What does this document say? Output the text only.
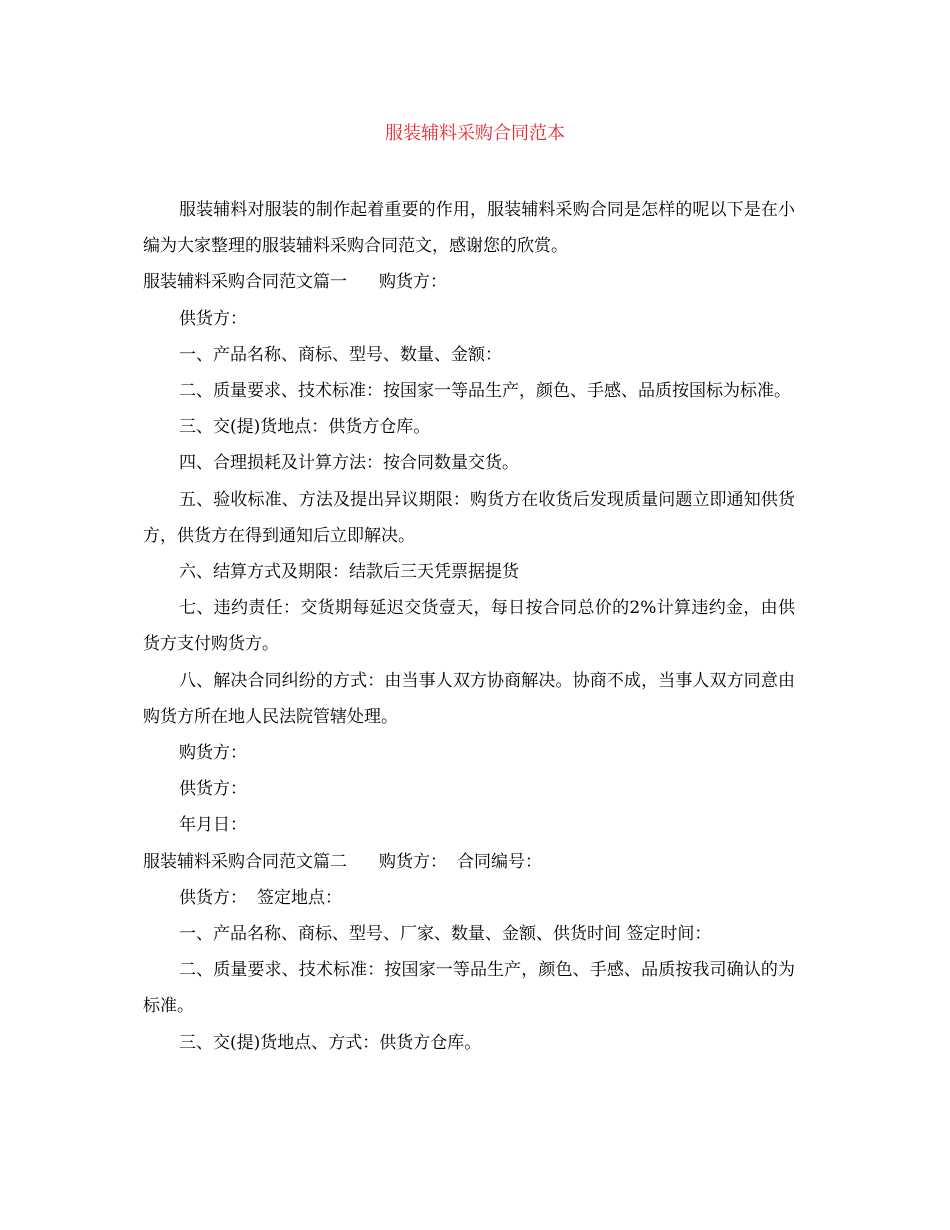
服装辅料采购合同范本

服装辅料对服装的制作起着重要的作用，服装辅料采购合同是怎样的呢以下是在小编为大家整理的服装辅料采购合同范文，感谢您的欣赏。

服装辅料采购合同范文篇一 购货方：

供货方：

一、产品名称、商标、型号、数量、金额：

二、质量要求、技术标准：按国家一等品生产，颜色、手感、品质按国标为标准。

三、交(提)货地点：供货方仓库。

四、合理损耗及计算方法：按合同数量交货。

五、验收标准、方法及提出异议期限：购货方在收货后发现质量问题立即通知供货方，供货方在得到通知后立即解决。

六、结算方式及期限：结款后三天凭票据提货

七、违约责任：交货期每延迟交货壹天，每日按合同总价的2%计算违约金，由供货方支付购货方。

八、解决合同纠纷的方式：由当事人双方协商解决。协商不成，当事人双方同意由购货方所在地人民法院管辖处理。

购货方：

供货方：

年月日：

服装辅料采购合同范文篇二 购货方： 合同编号：

供货方： 签定地点：

一、产品名称、商标、型号、厂家、数量、金额、供货时间 签定时间：

二、质量要求、技术标准：按国家一等品生产，颜色、手感、品质按我司确认的为标准。

三、交(提)货地点、方式：供货方仓库。
